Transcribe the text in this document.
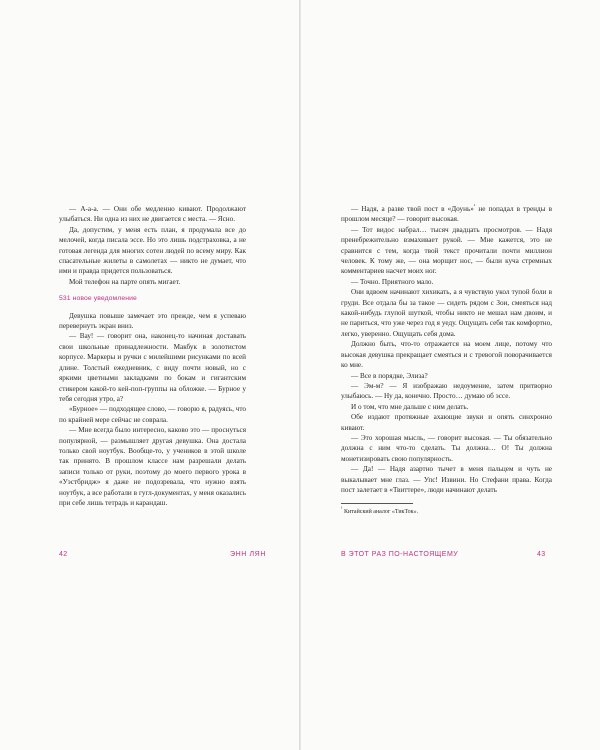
— А-а-а. — Они обе медленно кивают. Продолжают улыбаться. Ни одна из них не двигается с места. — Ясно.

Да, допустим, у меня есть план, я продумала все до мелочей, когда писала эссе. Но это лишь подстраховка, а не готовая легенда для многих сотен людей по всему миру. Как спасательные жилеты в самолетах — никто не думает, что ими и правда придется пользоваться.

Мой телефон на парте опять мигает.

531 новое уведомление

Девушка повыше замечает это прежде, чем я успеваю перевернуть экран вниз.

— Вау! — говорит она, наконец-то начиная доставать свои школьные принадлежности. Макбук в золотистом корпусе. Маркеры и ручки с милейшими рисунками по всей длине. Толстый ежедневник, с виду почти новый, но с яркими цветными закладками по бокам и гигантским стикером какой-то кей-поп-группы на обложке. — Бурное у тебя сегодня утро, а?

«Бурное» — подходящее слово, — говорю я, радуясь, что по крайней мере сейчас не соврала.

— Мне всегда было интересно, каково это — проснуться популярной, — размышляет другая девушка. Она достала только свой ноутбук. Вообще-то, у учеников в этой школе так принято. В прошлом классе нам разрешали делать записи только от руки, поэтому до моего первого урока в «Уэстбридж» я даже не подозревала, что нужно взять ноутбук, а все работали в гугл-документах, у меня оказались при себе лишь тетрадь и карандаш.

— Надя, а разве твой пост в «Доунь»$^{^1}$ не попадал в тренды в прошлом месяце? — говорит высокая.

— Тот видос набрал… тысяч двадцать просмотров. — Надя пренебрежительно взмахивает рукой. — Мне кажется, это не сравнится с тем, когда твой текст прочитали почти миллион человек. К тому же, — она морщит нос, — были куча стремных комментариев насчет моих ног.

— Точно. Приятного мало.

Они вдвоем начинают хихикать, а я чувствую укол тупой боли в груди. Все отдала бы за такое — сидеть рядом с Зои, смеяться над какой-нибудь глупой шуткой, чтобы никто не мешал нам двоим, и не париться, что уже через год я уеду. Ощущать себя так комфортно, легко, уверенно. Ощущать себя дома.

Должно быть, что-то отражается на моем лице, потому что высокая девушка прекращает смеяться и с тревогой поворачивается ко мне.

— Все в порядке, Элиза?

— Эм-м? — Я изображаю недоумение, затем притворно улыбаюсь. — Ну да, конечно. Просто… думаю об эссе.

И о том, что мне дальше с ним делать.

Обе издают протяжные ахающие звуки и опять синхронно кивают.

— Это хорошая мысль, — говорит высокая. — Ты обязательно должна с ним что-то сделать. Ты должна… О! Ты должна монетизировать свою популярность.

— Да! — Надя азартно тычет в меня пальцем и чуть не выкалывает мне глаз. — Упс! Извини. Но Стефани права. Когда пост залетает в «Твиттере», люди начинают делать

$^{^1}$ Китайский аналог «ТикТок».

42	ЭНН ЛЯН	В ЭТОТ РАЗ ПО-НАСТОЯЩЕМУ	43
